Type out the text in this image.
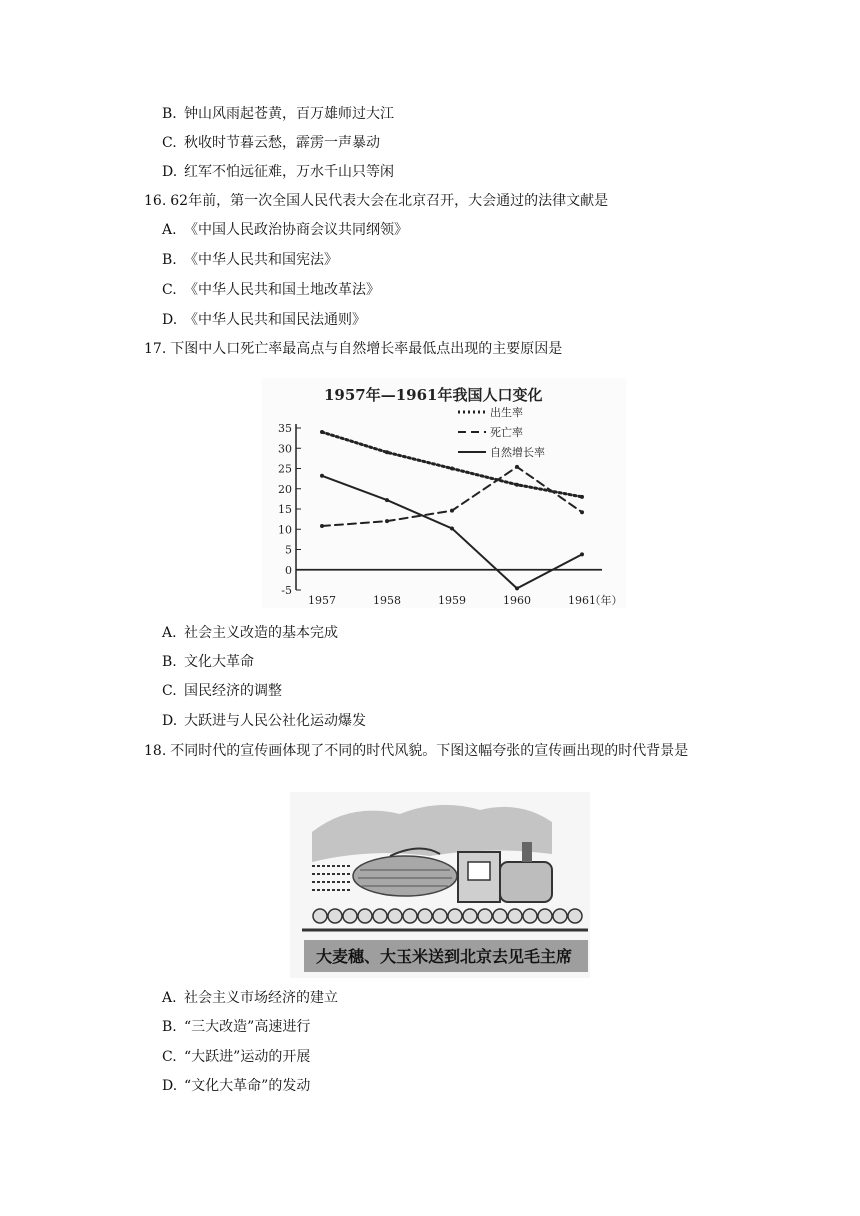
B. 钟山风雨起苍黄，百万雄师过大江
C. 秋收时节暮云愁，霹雳一声暴动
D. 红军不怕远征难，万水千山只等闲
16. 62年前，第一次全国人民代表大会在北京召开，大会通过的法律文献是
A. 《中国人民政治协商会议共同纲领》
B. 《中华人民共和国宪法》
C. 《中华人民共和国土地改革法》
D. 《中华人民共和国民法通则》
17. 下图中人口死亡率最高点与自然增长率最低点出现的主要原因是
1957年—1961年我国人口变化
出生率
死亡率
自然增长率
35
30
25
20
15
10
5
0
-5
1957	1958	1959	1960	1961
（年）
A. 社会主义改造的基本完成
B. 文化大革命
C. 国民经济的调整
D. 大跃进与人民公社化运动爆发
18. 不同时代的宣传画体现了不同的时代风貌。下图这幅夸张的宣传画出现的时代背景是
大麦穗、大玉米送到北京去见毛主席
A. 社会主义市场经济的建立
B. “三大改造”高速进行
C. “大跃进”运动的开展
D. “文化大革命”的发动
